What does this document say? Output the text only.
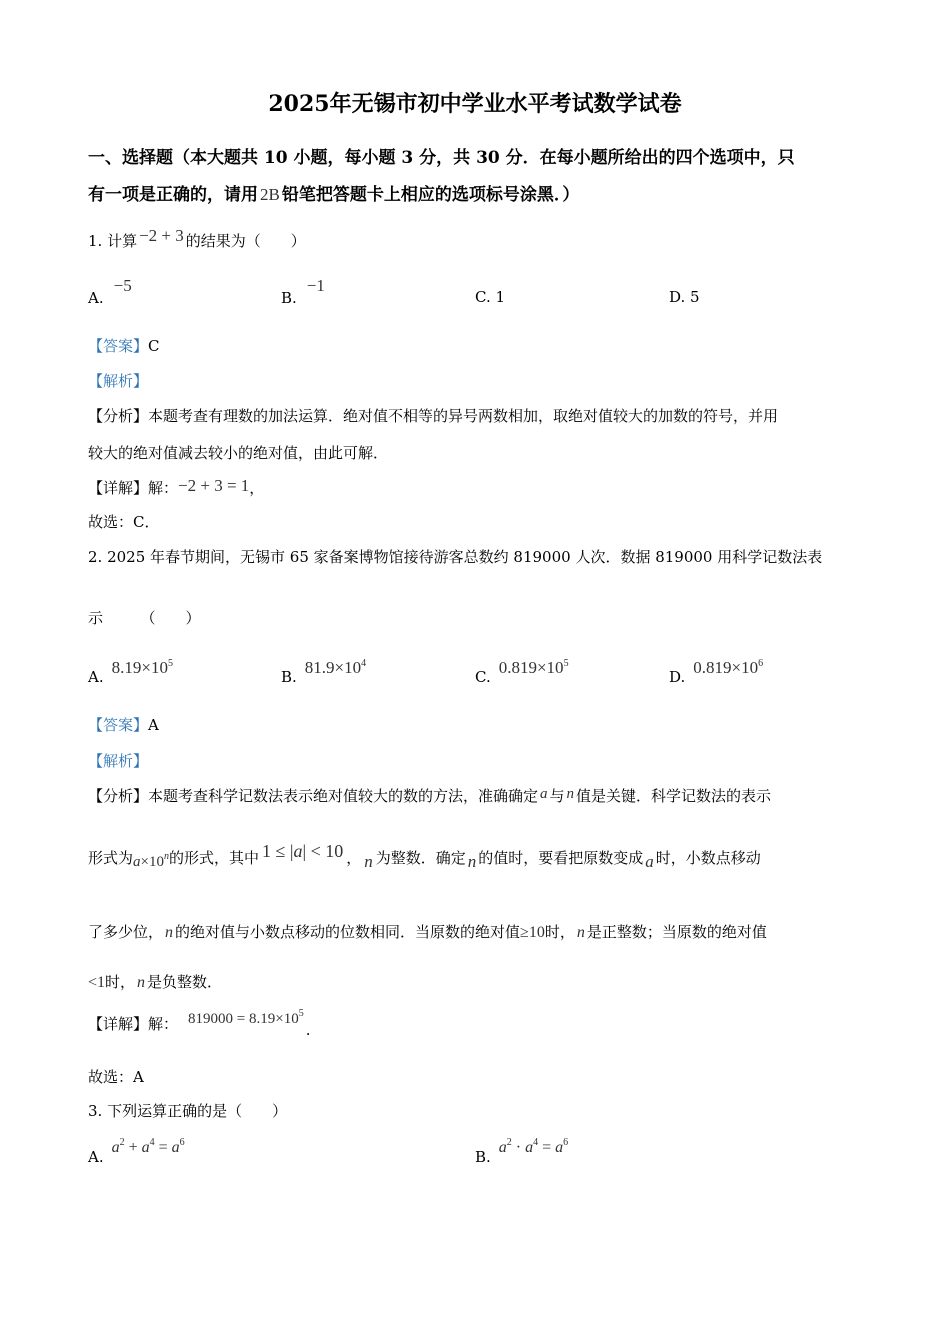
2025年无锡市初中学业水平考试数学试卷
一、选择题（本大题共 10 小题，每小题 3 分，共 30 分．在每小题所给出的四个选项中，只
有一项是正确的，请用 2B 铅笔把答题卡上相应的选项标号涂黑．）
1. 计算 −2 + 3 的结果为（　　）
A.−5
B.−1
C. 1	D. 5
【答案】C
【解析】
【分析】本题考查有理数的加法运算．绝对值不相等的异号两数相加，取绝对值较大的加数的符号，并用
较大的绝对值减去较小的绝对值，由此可解．
【详解】解：−2 + 3 = 1，
故选：C．
2. 2025 年春节期间，无锡市 65 家备案博物馆接待游客总数约 819000 人次．数据 819000 用科学记数法表
示　　　（　　）
A. $8.19\times 10^5$
B. $81.9\times 10^4$
C. $0.819\times 10^5$
D. $0.819\times 10^6$
【答案】A
【解析】
【分析】本题考查科学记数法表示绝对值较大的数的方法，准确确定 a 与 n 值是关键．科学记数法的表示
形式为$a\times 10^n$的形式，其中 1 ≤ |a| < 10 ， n 为整数．确定 n 的值时，要看把原数变成 a 时，小数点移动
了多少位， n 的绝对值与小数点移动的位数相同．当原数的绝对值≥10时， n 是正整数；当原数的绝对值
<1时， n 是负整数．
【详解】解： $819000 = 8.19\times 10^5$.
故选：A
3. 下列运算正确的是（　　）
$A.a^2 + a^4 = a^6$
$B.a^2 \cdot a^4 = a^6$
